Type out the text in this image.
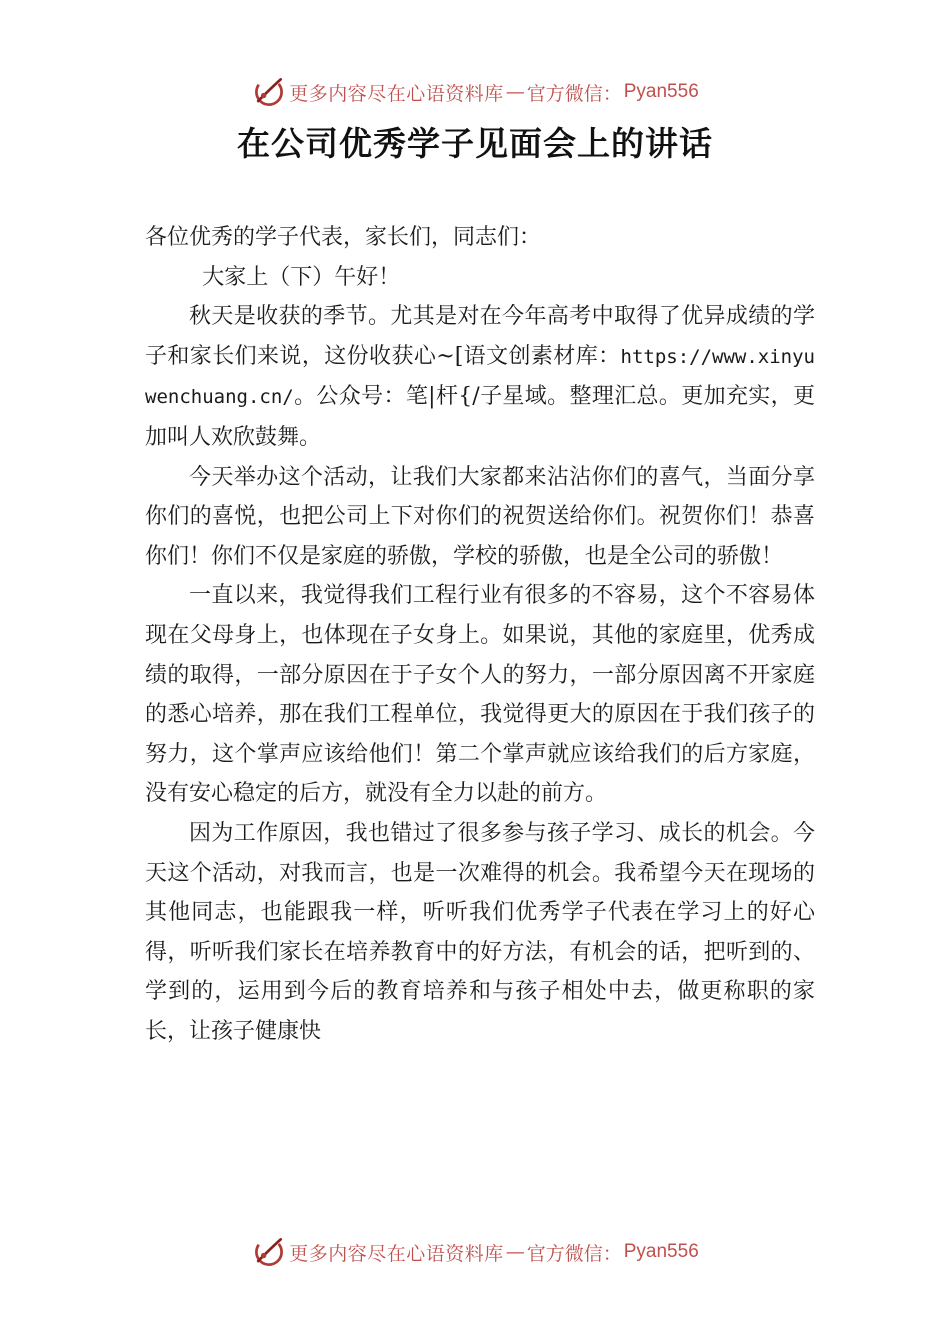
更多内容尽在心语资料库 — 官方微信： Pyan556
在公司优秀学子见面会上的讲话

各位优秀的学子代表，家长们，同志们：

大家上（下）午好！

秋天是收获的季节。尤其是对在今年高考中取得了优异成绩的学子和家长们来说，这份收获心~[语文创素材库：https://www.xinyuwenchuang.cn/。公众号：笔|杆{/子星域。整理汇总。更加充实，更加叫人欢欣鼓舞。

今天举办这个活动，让我们大家都来沾沾你们的喜气，当面分享你们的喜悦，也把公司上下对你们的祝贺送给你们。祝贺你们！恭喜你们！你们不仅是家庭的骄傲，学校的骄傲，也是全公司的骄傲！

一直以来，我觉得我们工程行业有很多的不容易，这个不容易体现在父母身上，也体现在子女身上。如果说，其他的家庭里，优秀成绩的取得，一部分原因在于子女个人的努力，一部分原因离不开家庭的悉心培养，那在我们工程单位，我觉得更大的原因在于我们孩子的努力，这个掌声应该给他们！第二个掌声就应该给我们的后方家庭，没有安心稳定的后方，就没有全力以赴的前方。

因为工作原因，我也错过了很多参与孩子学习、成长的机会。今天这个活动，对我而言，也是一次难得的机会。我希望今天在现场的其他同志，也能跟我一样，听听我们优秀学子代表在学习上的好心得，听听我们家长在培养教育中的好方法，有机会的话，把听到的、学到的，运用到今后的教育培养和与孩子相处中去，做更称职的家长，让孩子健康快

更多内容尽在心语资料库 — 官方微信： Pyan556
